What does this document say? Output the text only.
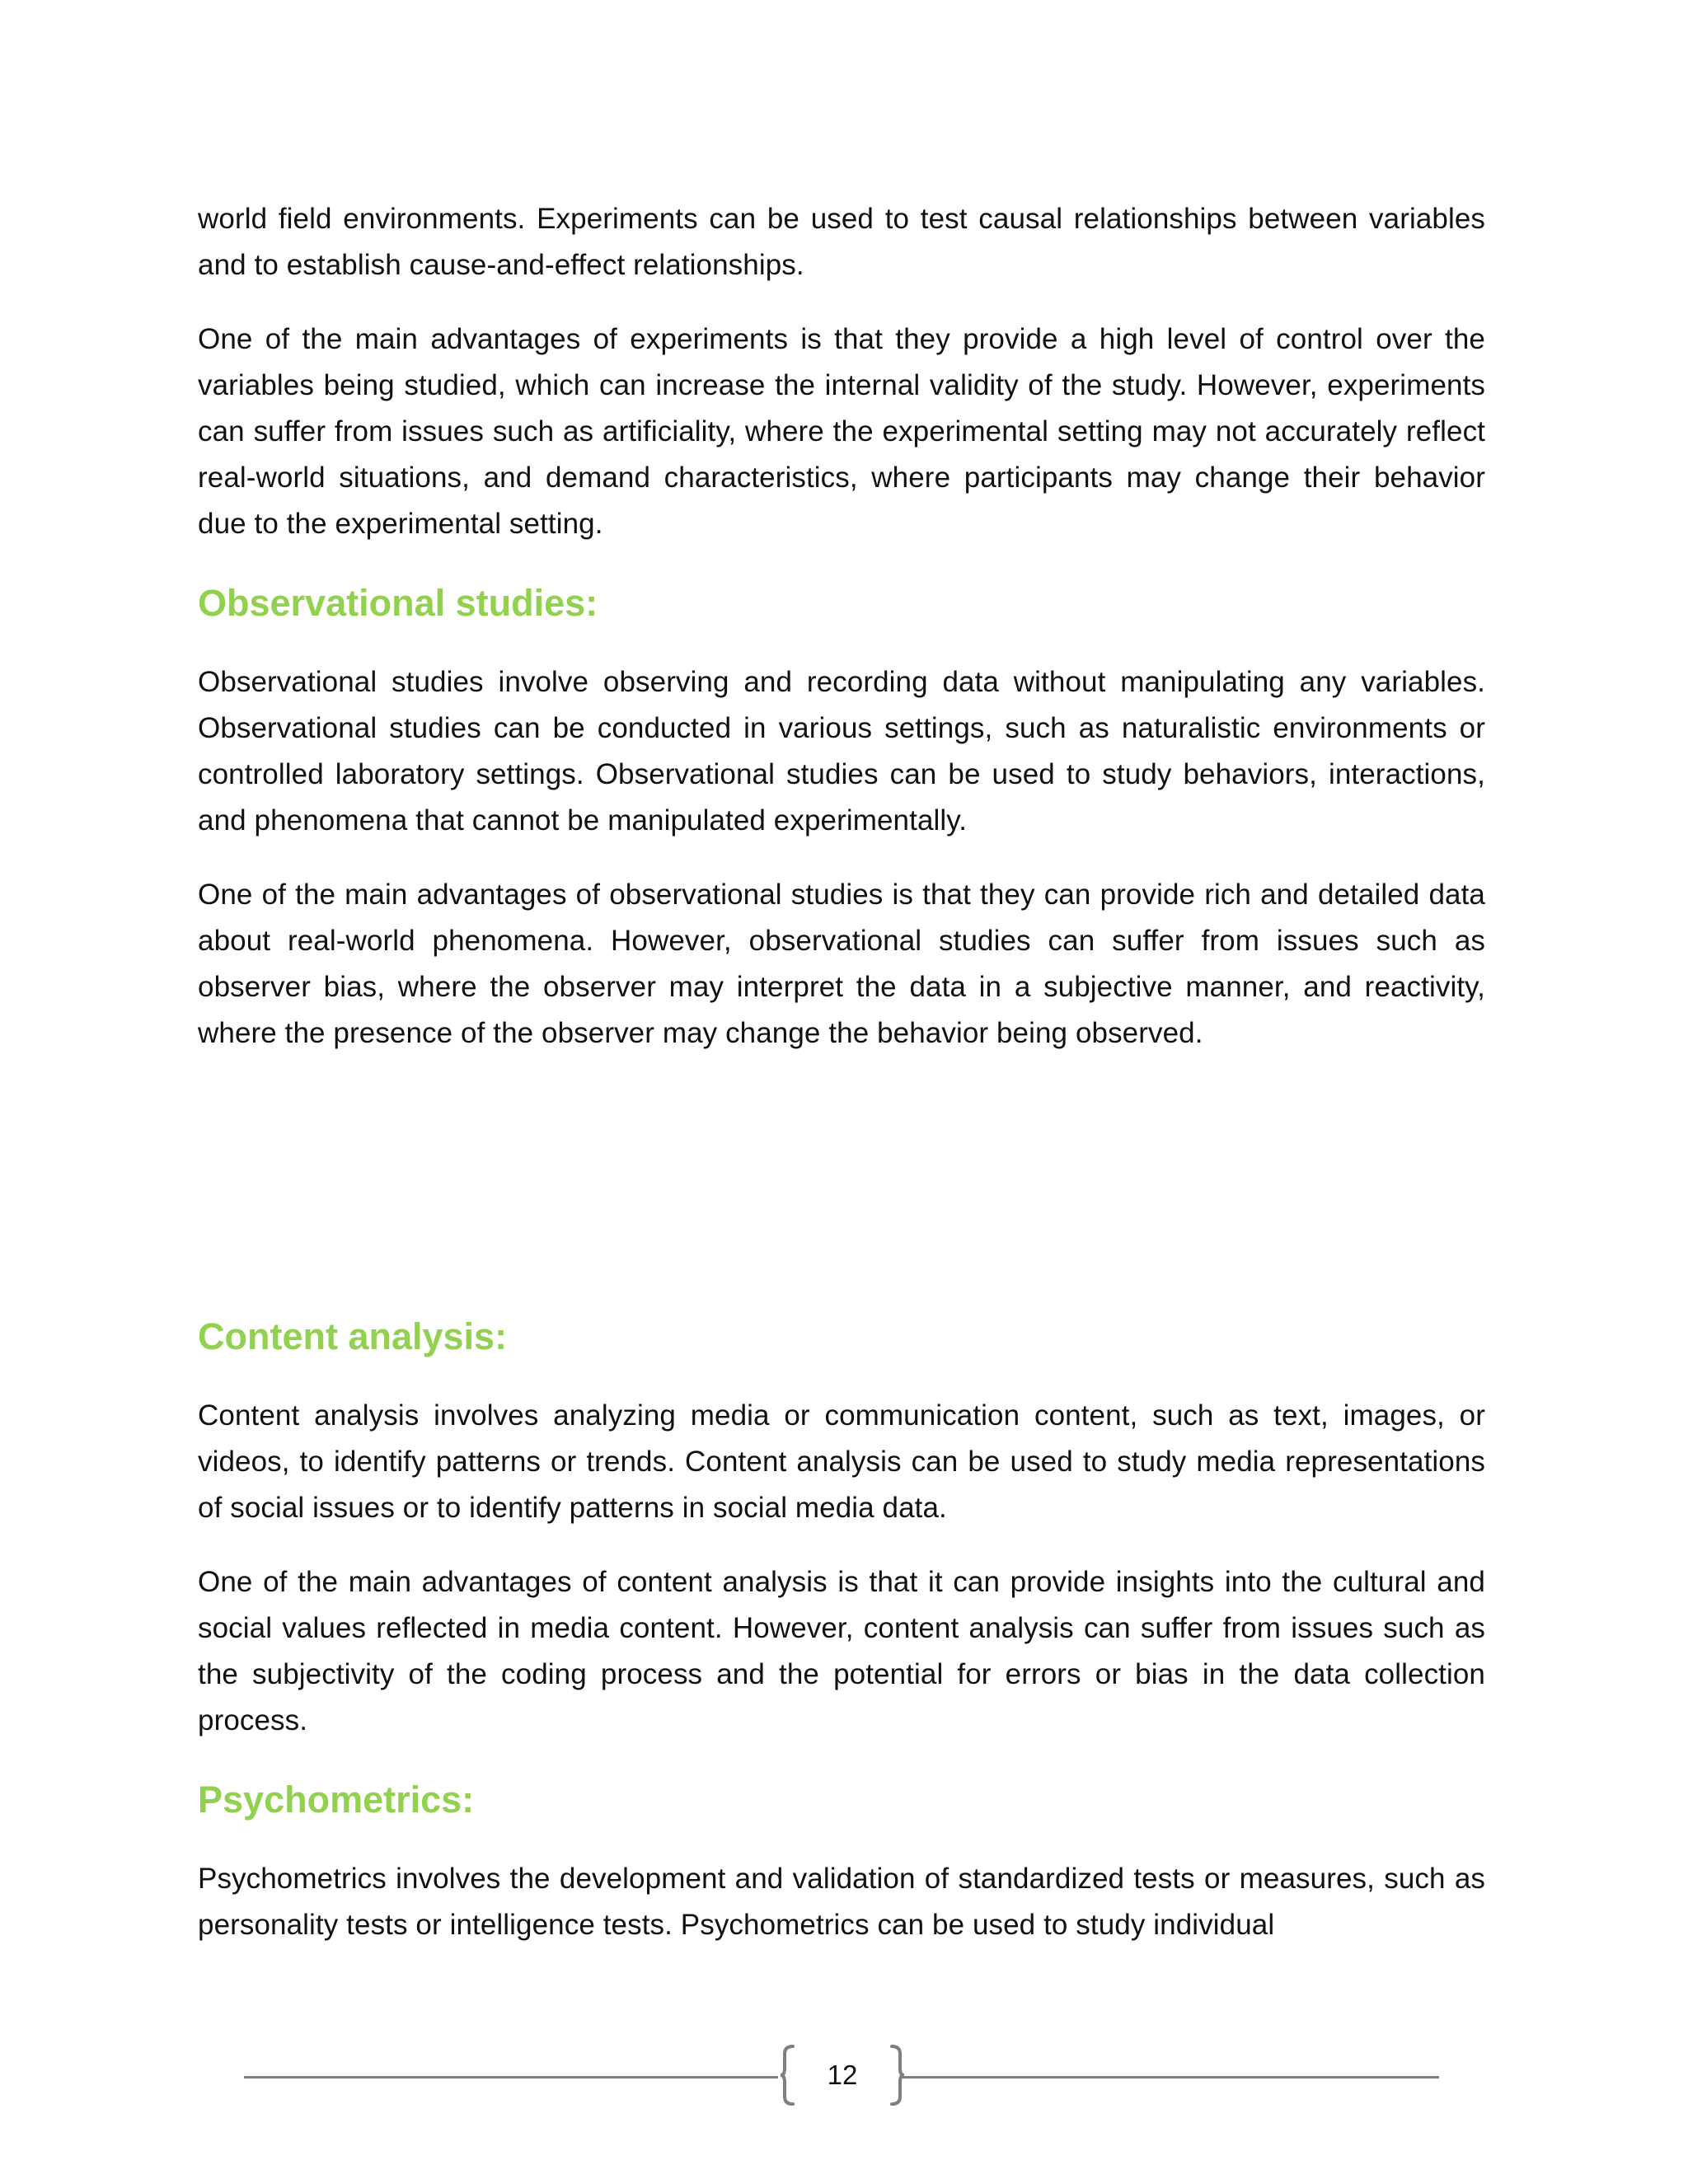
world field environments. Experiments can be used to test causal relationships between variables and to establish cause-and-effect relationships.

One of the main advantages of experiments is that they provide a high level of control over the variables being studied, which can increase the internal validity of the study. However, experiments can suffer from issues such as artificiality, where the experimental setting may not accurately reflect real-world situations, and demand characteristics, where participants may change their behavior due to the experimental setting.

Observational studies:

Observational studies involve observing and recording data without manipulating any variables. Observational studies can be conducted in various settings, such as naturalistic environments or controlled laboratory settings. Observational studies can be used to study behaviors, interactions, and phenomena that cannot be manipulated experimentally.

One of the main advantages of observational studies is that they can provide rich and detailed data about real-world phenomena. However, observational studies can suffer from issues such as observer bias, where the observer may interpret the data in a subjective manner, and reactivity, where the presence of the observer may change the behavior being observed.

Content analysis:

Content analysis involves analyzing media or communication content, such as text, images, or videos, to identify patterns or trends. Content analysis can be used to study media representations of social issues or to identify patterns in social media data.

One of the main advantages of content analysis is that it can provide insights into the cultural and social values reflected in media content. However, content analysis can suffer from issues such as the subjectivity of the coding process and the potential for errors or bias in the data collection process.

Psychometrics:

Psychometrics involves the development and validation of standardized tests or measures, such as personality tests or intelligence tests. Psychometrics can be used to study individual

12
